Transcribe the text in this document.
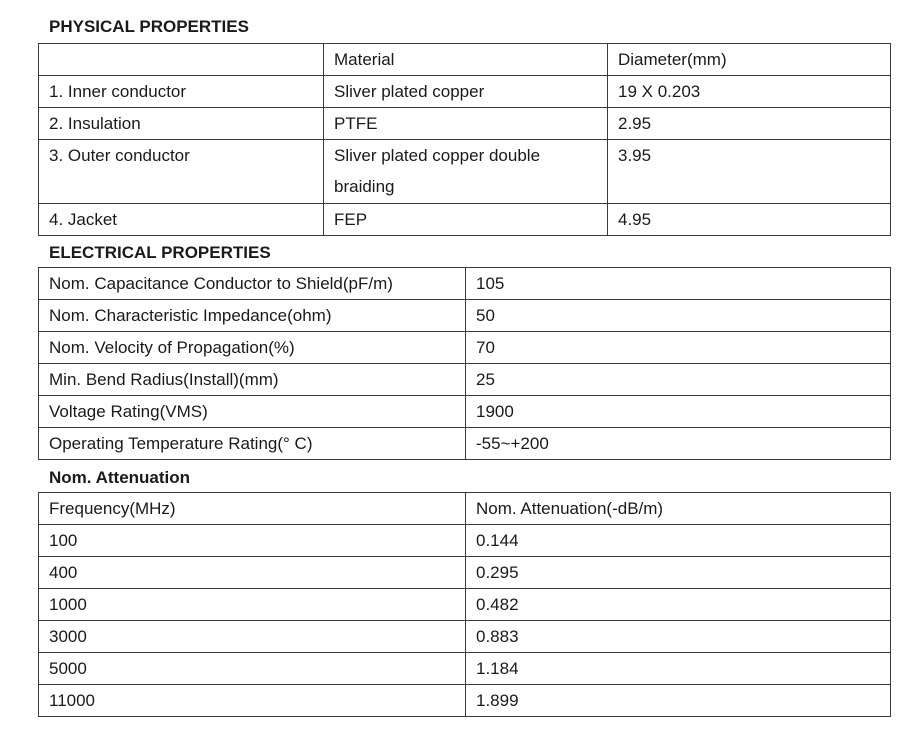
PHYSICAL PROPERTIES
	Material	Diameter(mm)
1. Inner conductor	Sliver plated copper	19 X 0.203
2. Insulation	PTFE	2.95
3. Outer conductor	Sliver plated copper double braiding	3.95
4. Jacket	FEP	4.95
ELECTRICAL PROPERTIES
Nom. Capacitance Conductor to Shield(pF/m)	105
Nom. Characteristic Impedance(ohm)	50
Nom. Velocity of Propagation(%)	70
Min. Bend Radius(Install)(mm)	25
Voltage Rating(VMS)	1900
Operating Temperature Rating(° C)	-55~+200
Nom. Attenuation
Frequency(MHz)	Nom. Attenuation(-dB/m)
100	0.144
400	0.295
1000	0.482
3000	0.883
5000	1.184
11000	1.899
